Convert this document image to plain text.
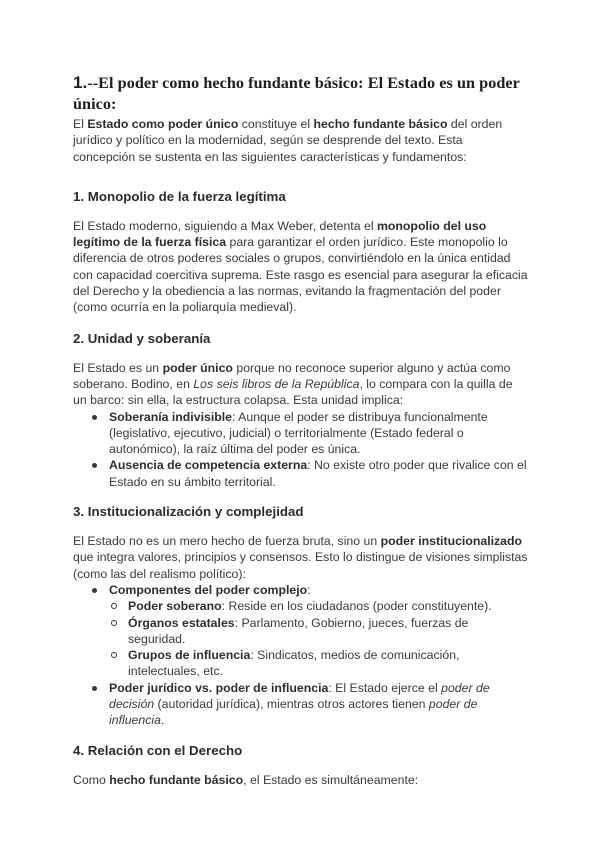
1.--El poder como hecho fundante básico: El Estado es un poder único:

El Estado como poder único constituye el hecho fundante básico del orden jurídico y político en la modernidad, según se desprende del texto. Esta concepción se sustenta en las siguientes características y fundamentos:

1. Monopolio de la fuerza legítima

El Estado moderno, siguiendo a Max Weber, detenta el monopolio del uso legítimo de la fuerza física para garantizar el orden jurídico. Este monopolio lo diferencia de otros poderes sociales o grupos, convirtiéndolo en la única entidad con capacidad coercitiva suprema. Este rasgo es esencial para asegurar la eficacia del Derecho y la obediencia a las normas, evitando la fragmentación del poder (como ocurría en la poliarquía medieval).

2. Unidad y soberanía

El Estado es un poder único porque no reconoce superior alguno y actúa como soberano. Bodino, en Los seis libros de la República, lo compara con la quilla de un barco: sin ella, la estructura colapsa. Esta unidad implica:

Soberanía indivisible: Aunque el poder se distribuya funcionalmente (legislativo, ejecutivo, judicial) o territorialmente (Estado federal o autonómico), la raíz última del poder es única.
Ausencia de competencia externa: No existe otro poder que rivalice con el Estado en su ámbito territorial.
3. Institucionalización y complejidad

El Estado no es un mero hecho de fuerza bruta, sino un poder institucionalizado que integra valores, principios y consensos. Esto lo distingue de visiones simplistas (como las del realismo político):

Componentes del poder complejo:
Poder soberano: Reside en los ciudadanos (poder constituyente).
Órganos estatales: Parlamento, Gobierno, jueces, fuerzas de seguridad.
Grupos de influencia: Sindicatos, medios de comunicación, intelectuales, etc.
Poder jurídico vs. poder de influencia: El Estado ejerce el poder de decisión (autoridad jurídica), mientras otros actores tienen poder de influencia.
4. Relación con el Derecho

Como hecho fundante básico, el Estado es simultáneamente:
